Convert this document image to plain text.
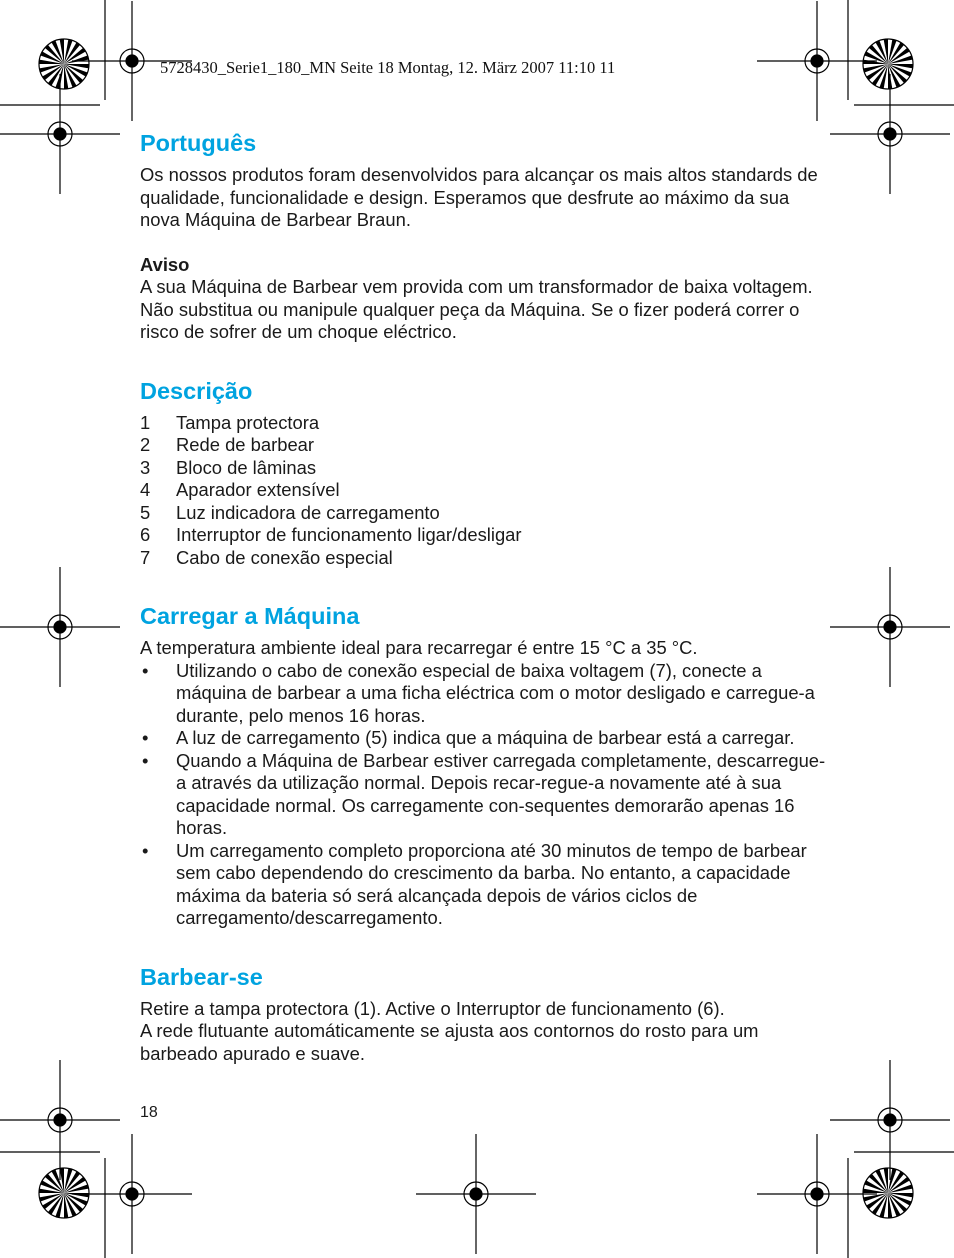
5728430_Serie1_180_MN Seite 18 Montag, 12. März 2007 11:10 11
Português

Os nossos produtos foram desenvolvidos para alcançar os mais altos standards de qualidade, funcionalidade e design. Esperamos que desfrute ao máximo da sua nova Máquina de Barbear Braun.

Aviso

A sua Máquina de Barbear vem provida com um transformador de baixa voltagem. Não substitua ou manipule qualquer peça da Máquina. Se o fizer poderá correr o risco de sofrer de um choque eléctrico.

Descrição
1	Tampa protectora
2	Rede de barbear
3	Bloco de lâminas
4	Aparador extensível
5	Luz indicadora de carregamento
6	Interruptor de funcionamento ligar/desligar
7	Cabo de conexão especial
Carregar a Máquina

A temperatura ambiente ideal para recarregar é entre 15 °C a 35 °C.

•	Utilizando o cabo de conexão especial de baixa voltagem (7), conecte a máquina de barbear a uma ficha eléctrica com o motor desligado e carregue-a durante, pelo menos 16 horas.
•	A luz de carregamento (5) indica que a máquina de barbear está a carregar.
•	Quando a Máquina de Barbear estiver carregada completamente, descarregue-a através da utilização normal. Depois recar-regue-a novamente até à sua capacidade normal. Os carregamente con-sequentes demorarão apenas 16 horas.
•	Um carregamento completo proporciona até 30 minutos de tempo de barbear sem cabo dependendo do crescimento da barba. No entanto, a capacidade máxima da bateria só será alcançada depois de vários ciclos de carregamento/descarregamento.
Barbear-se

Retire a tampa protectora (1). Active o Interruptor de funcionamento (6).

A rede flutuante automáticamente se ajusta aos contornos do rosto para um barbeado apurado e suave.

18
